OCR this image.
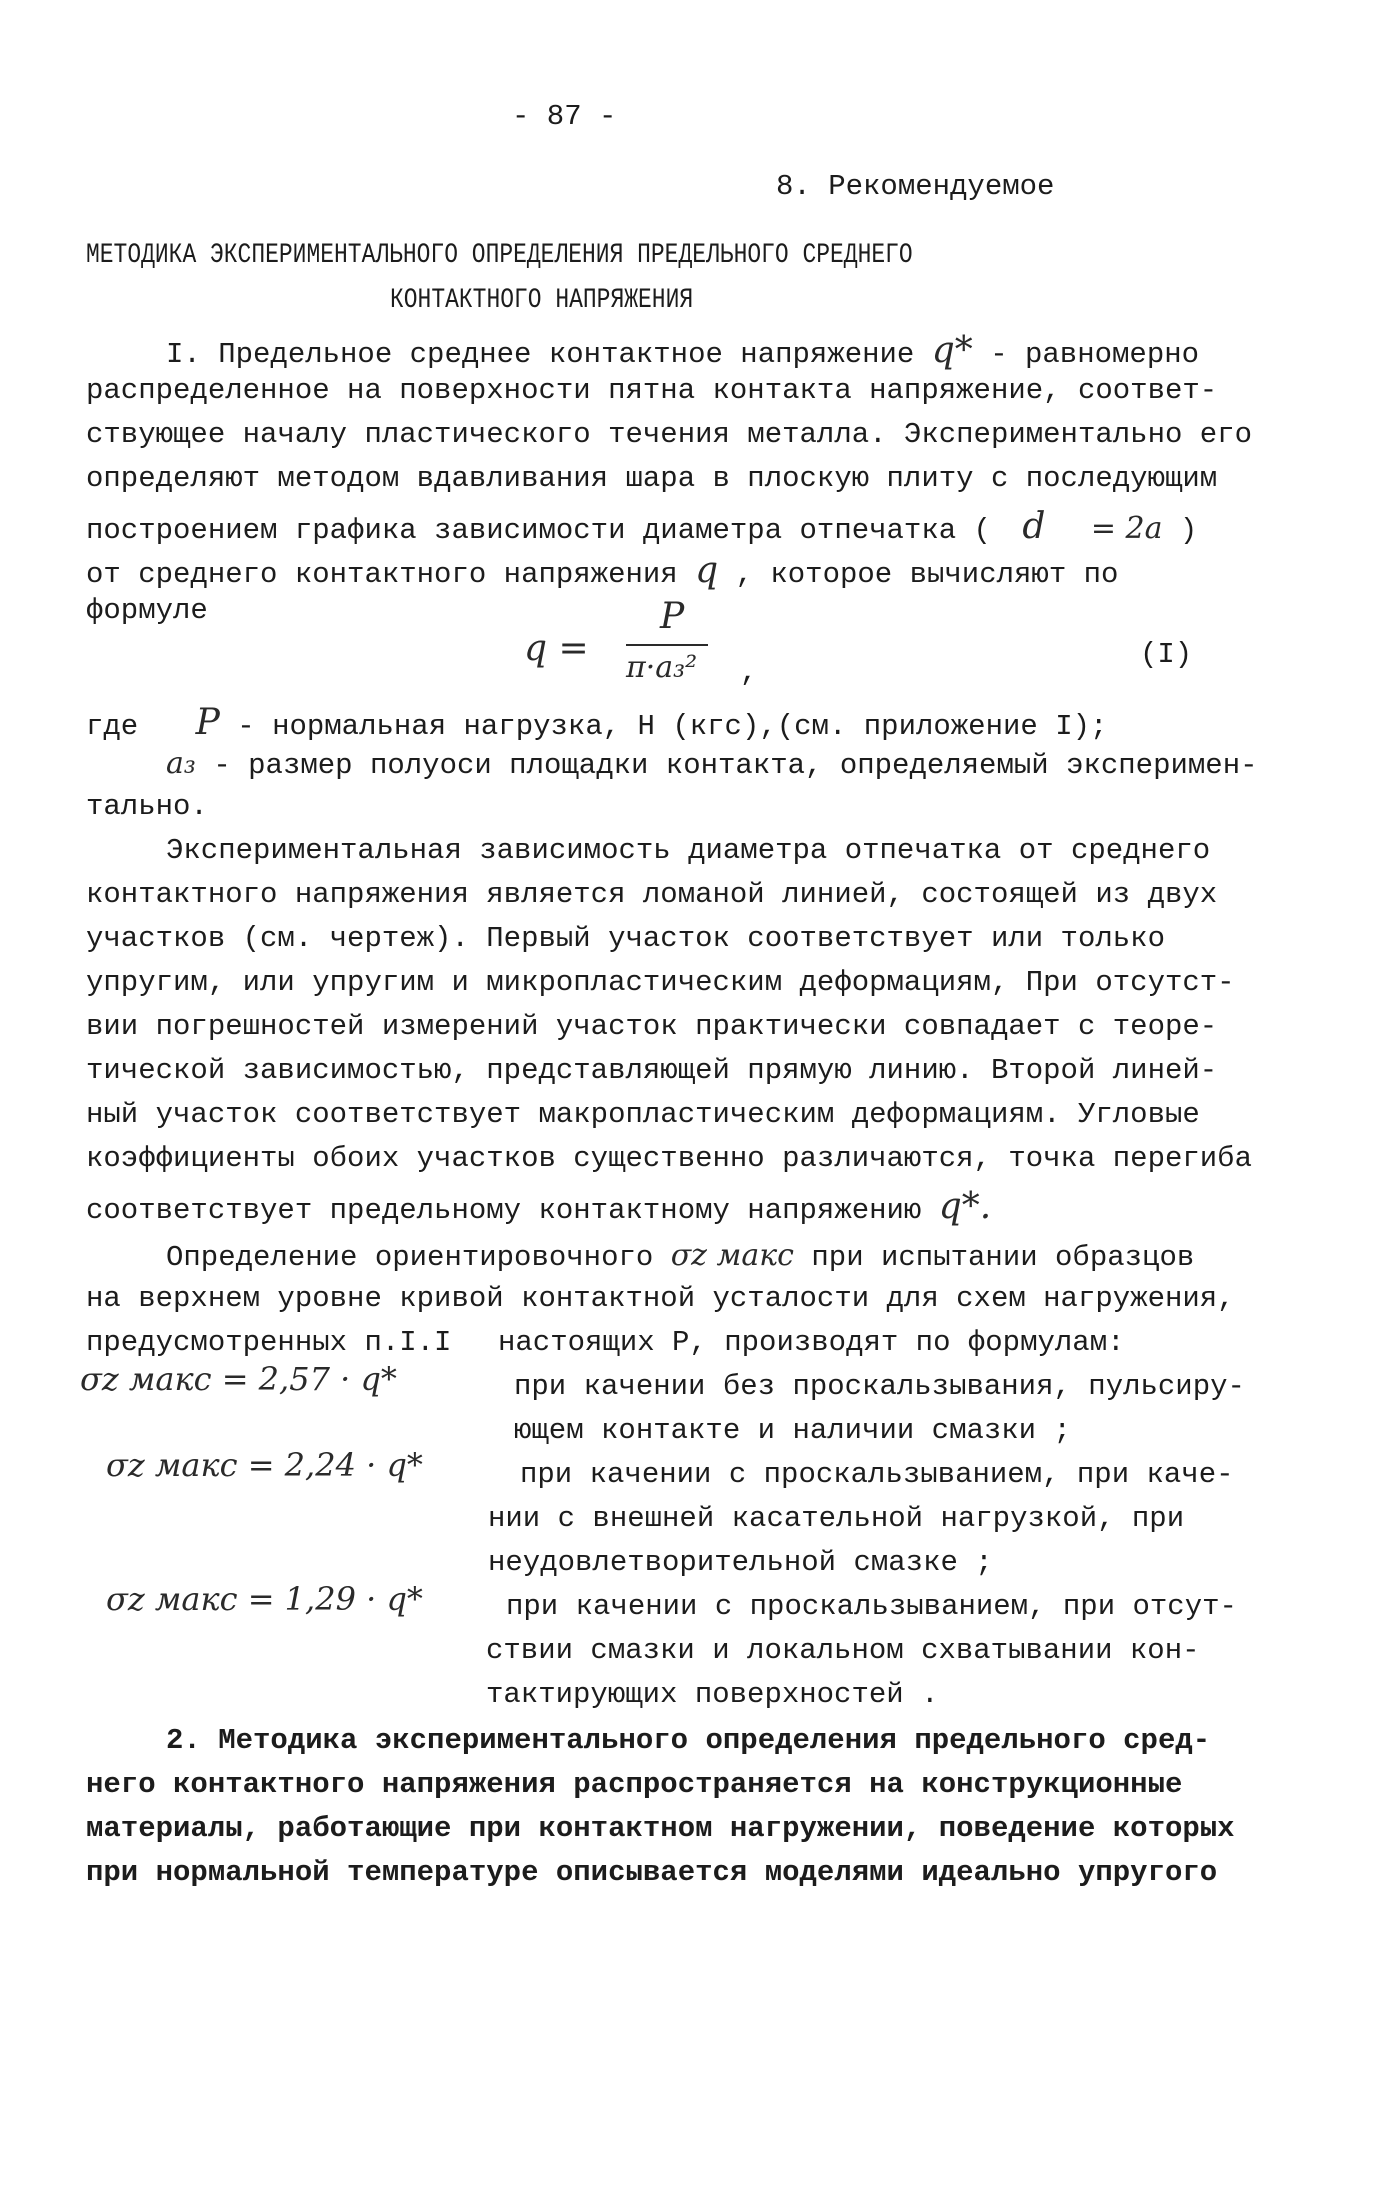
- 87 -
8. Рекомендуемое
МЕТОДИКА ЭКСПЕРИМЕНТАЛЬНОГО ОПРЕДЕЛЕНИЯ ПРЕДЕЛЬНОГО СРЕДНЕГО
КОНТАКТНОГО НАПРЯЖЕНИЯ
I. Предельное среднее контактное напряжение q* - равномерно
распределенное на поверхности пятна контакта напряжение, соответ-
ствующее началу пластического течения металла. Экспериментально его
определяют методом вдавливания шара в плоскую плиту с последующим
построением графика зависимости диаметра отпечатка ( d = 2a )
от среднего контактного напряжения q , которое вычисляют по
формуле
q =
P
π·a₃² ,
(I)
где P - нормальная нагрузка, Н (кгс),(см. приложение I);
a₃ - размер полуоси площадки контакта, определяемый эксперимен-
тально.
Экспериментальная зависимость диаметра отпечатка от среднего
контактного напряжения является ломаной линией, состоящей из двух
участков (см. чертеж). Первый участок соответствует или только
упругим, или упругим и микропластическим деформациям, При отсутст-
вии погрешностей измерений участок практически совпадает с теоре-
тической зависимостью, представляющей прямую линию. Второй линей-
ный участок соответствует макропластическим деформациям. Угловые
коэффициенты обоих участков существенно различаются, точка перегиба
соответствует предельному контактному напряжению q*.
Определение ориентировочного σz макс при испытании образцов
на верхнем уровне кривой контактной усталости для схем нагружения,
предусмотренных п.I.I настоящих Р, производят по формулам:
σz макс = 2,57 · q*	при качении без проскальзывания, пульсиру-
ющем контакте и наличии смазки ;
σz макс = 2,24 · q*	при качении с проскальзыванием, при каче-
нии с внешней касательной нагрузкой, при
неудовлетворительной смазке ;
σz макс = 1,29 · q*	при качении с проскальзыванием, при отсут-
ствии смазки и локальном схватывании кон-
тактирующих поверхностей .
2. Методика экспериментального определения предельного сред-
него контактного напряжения распространяется на конструкционные
материалы, работающие при контактном нагружении, поведение которых
при нормальной температуре описывается моделями идеально упругого
